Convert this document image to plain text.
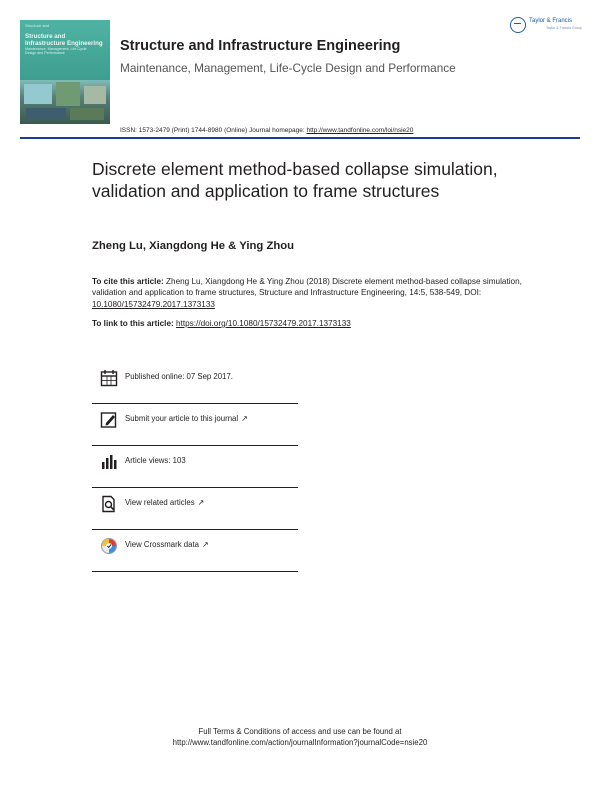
Structure and
Structure and Infrastructure Engineering
Maintenance, Management, Life-Cycle Design and Performance	Structure and Infrastructure Engineering
Maintenance, Management, Life-Cycle Design and Performance
Taylor & Francis
Taylor & Francis Group
ISSN: 1573-2479 (Print) 1744-8980 (Online) Journal homepage: http://www.tandfonline.com/loi/nsie20
Discrete element method-based collapse simulation, validation and application to frame structures
Zheng Lu, Xiangdong He & Ying Zhou
To cite this article: Zheng Lu, Xiangdong He & Ying Zhou (2018) Discrete element method-based collapse simulation, validation and application to frame structures, Structure and Infrastructure Engineering, 14:5, 538-549, DOI: 10.1080/15732479.2017.1373133
To link to this article: https://doi.org/10.1080/15732479.2017.1373133
Published online: 07 Sep 2017.
Submit your article to this journal ↗︎
Article views: 103
View related articles ↗︎
View Crossmark data ↗︎
Full Terms & Conditions of access and use can be found at
http://www.tandfonline.com/action/journalInformation?journalCode=nsie20
